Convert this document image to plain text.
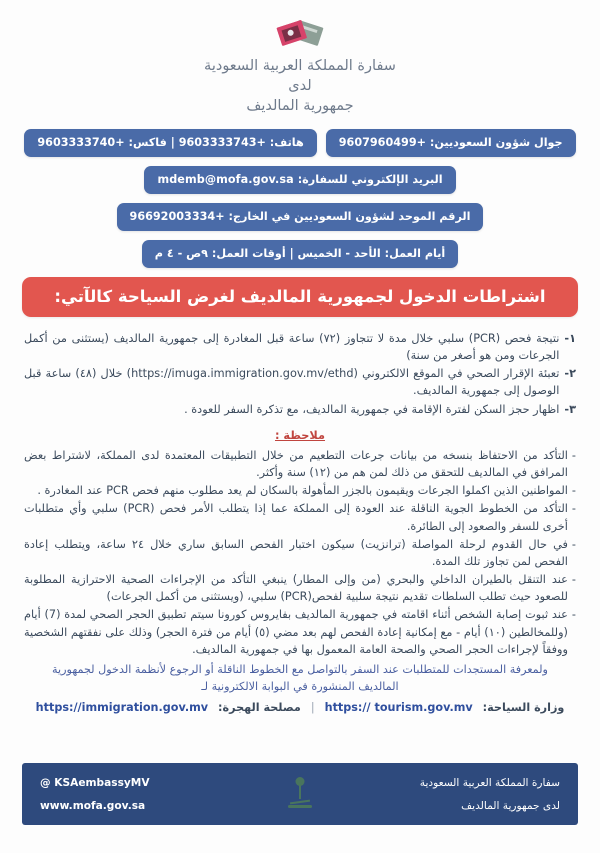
سفارة المملكة العربية السعودية
لدى
جمهورية المالديف
جوال شؤون السعوديين: +9607960499
هاتف: +9603333743 | فاكس: +9603333740
البريد الإلكتروني للسفارة: mdemb@mofa.gov.sa
الرقم الموحد لشؤون السعوديين في الخارج: +96692003334
أيام العمل: الأحد - الخميس | أوقات العمل: ٩ص - ٤ م
اشتراطات الدخول لجمهورية المالديف لغرض السياحة كالآتي:
١-
نتيجة فحص (PCR) سلبي خلال مدة لا تتجاوز (٧٢) ساعة قبل المغادرة إلى جمهورية المالديف (يستثنى من أكمل الجرعات ومن هو أصغر من سنة)
٢-
تعبئة الإقرار الصحي في الموقع الالكتروني (https://imuga.immigration.gov.mv/ethd) خلال (٤٨) ساعة قبل الوصول إلى جمهورية المالديف.
٣-
اظهار حجز السكن لفترة الإقامة في جمهورية المالديف، مع تذكرة السفر للعودة .
ملاحظة :
-
التأكد من الاحتفاظ بنسخه من بيانات جرعات التطعيم من خلال التطبيقات المعتمدة لدى المملكة، لاشتراط بعض المرافق في المالديف للتحقق من ذلك لمن هم من (١٢) سنة وأكثر.
-
المواطنين الذين اكملوا الجرعات ويقيمون بالجزر المأهولة بالسكان لم يعد مطلوب منهم فحص PCR عند المغادرة .
-
التأكد من الخطوط الجوية الناقلة عند العودة إلى المملكة عما إذا يتطلب الأمر فحص (PCR) سلبي وأي متطلبات أخرى للسفر والصعود إلى الطائرة.
-
في حال القدوم لرحلة المواصلة (ترانزيت) سيكون اختبار الفحص السابق ساري خلال ٢٤ ساعة، ويتطلب إعادة الفحص لمن تجاوز تلك المدة.
-
عند التنقل بالطيران الداخلي والبحري (من وإلى المطار) ينبغي التأكد من الإجراءات الصحية الاحترازية المطلوبة للصعود حيث تطلب السلطات تقديم نتيجة سلبية لفحص(PCR) سلبي، (ويستثنى من أكمل الجرعات)
-
عند ثبوت إصابة الشخص أثناء اقامته في جمهورية المالديف بفايروس كورونا سيتم تطبيق الحجر الصحي لمدة (7) أيام (وللمخالطين (١٠) أيام - مع إمكانية إعادة الفحص لهم بعد مضي (٥) أيام من فترة الحجر) وذلك على نفقتهم الشخصية ووفقاً لإجراءات الحجر الصحي والصحة العامة المعمول بها في جمهورية المالديف.
ولمعرفة المستجدات للمتطلبات عند السفر بالتواصل مع الخطوط الناقلة أو الرجوع لأنظمة الدخول لجمهورية
المالديف المنشورة في البوابة الالكترونية لـ
وزارة السياحة:
https:// tourism.gov.mv
|
مصلحة الهجرة:
https://immigration.gov.mv
سفارة المملكة العربية السعودية
لدى جمهورية المالديف
@ KSAembassyMV
www.mofa.gov.sa
